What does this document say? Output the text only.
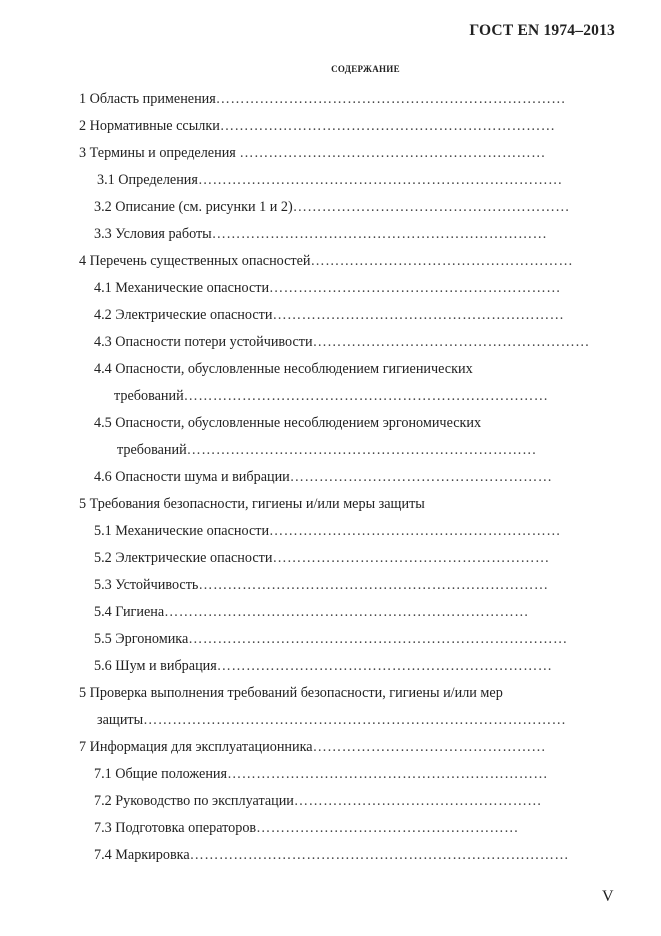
ГОСТ EN 1974–2013
СОДЕРЖАНИЕ
1 Область применения………………………………………………………………
2 Нормативные ссылки……………………………………………………………
3 Термины и определения ………………………………………………………
3.1 Определения…………………………………………………………………
3.2 Описание (см. рисунки 1 и 2)…………………………………………………
3.3 Условия работы……………………………………………………………
4 Перечень существенных опасностей………………………………………………
4.1 Механические опасности……………………………………………………
4.2 Электрические опасности……………………………………………………
4.3 Опасности потери устойчивости…………………………………………………
4.4 Опасности, обусловленные несоблюдением гигиенических
требований…………………………………………………………………
4.5 Опасности, обусловленные несоблюдением эргономических
требований………………………………………………………………
4.6 Опасности шума и вибрации………………………………………………
5 Требования безопасности, гигиены и/или меры защиты
5.1 Механические опасности……………………………………………………
5.2 Электрические опасности…………………………………………………
5.3 Устойчивость………………………………………………………………
5.4 Гигиена…………………………………………………………………
5.5 Эргономика……………………………………………………………………
5.6 Шум и вибрация……………………………………………………………
5 Проверка выполнения требований безопасности, гигиены и/или мер
защиты……………………………………………………………………………
7 Информация для эксплуатационника…………………………………………
7.1 Общие положения…………………………………………………………
7.2 Руководство по эксплуатации……………………………………………
7.3 Подготовка операторов………………………………………………
7.4 Маркировка……………………………………………………………………
V
